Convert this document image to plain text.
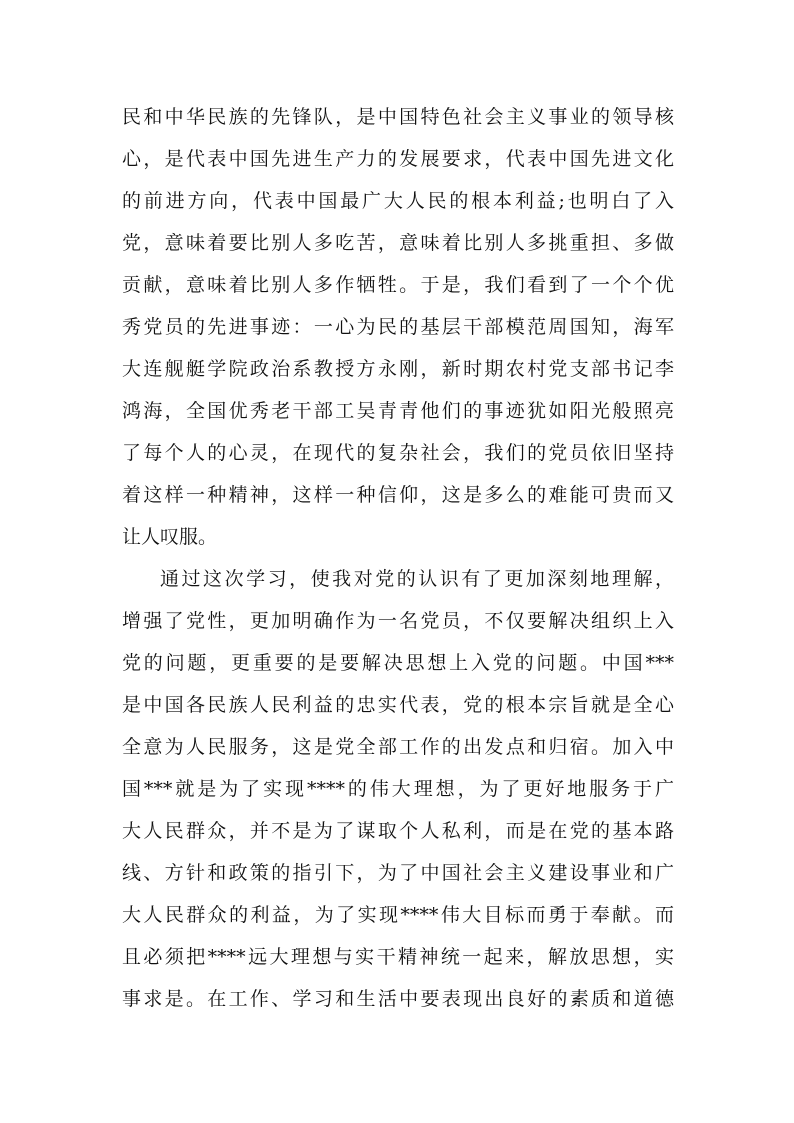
民和中华民族的先锋队，是中国特色社会主义事业的领导核
心，是代表中国先进生产力的发展要求，代表中国先进文化
的前进方向，代表中国最广大人民的根本利益;也明白了入
党，意味着要比别人多吃苦，意味着比别人多挑重担、多做
贡献，意味着比别人多作牺牲。于是，我们看到了一个个优
秀党员的先进事迹：一心为民的基层干部模范周国知，海军
大连舰艇学院政治系教授方永刚，新时期农村党支部书记李
鸿海，全国优秀老干部工吴青青他们的事迹犹如阳光般照亮
了每个人的心灵，在现代的复杂社会，我们的党员依旧坚持
着这样一种精神，这样一种信仰，这是多么的难能可贵而又
让人叹服。
通过这次学习，使我对党的认识有了更加深刻地理解，
增强了党性，更加明确作为一名党员，不仅要解决组织上入
党的问题，更重要的是要解决思想上入党的问题。中国***
是中国各民族人民利益的忠实代表，党的根本宗旨就是全心
全意为人民服务，这是党全部工作的出发点和归宿。加入中
国***就是为了实现****的伟大理想，为了更好地服务于广
大人民群众，并不是为了谋取个人私利，而是在党的基本路
线、方针和政策的指引下，为了中国社会主义建设事业和广
大人民群众的利益，为了实现****伟大目标而勇于奉献。而
且必须把****远大理想与实干精神统一起来，解放思想，实
事求是。在工作、学习和生活中要表现出良好的素质和道德
